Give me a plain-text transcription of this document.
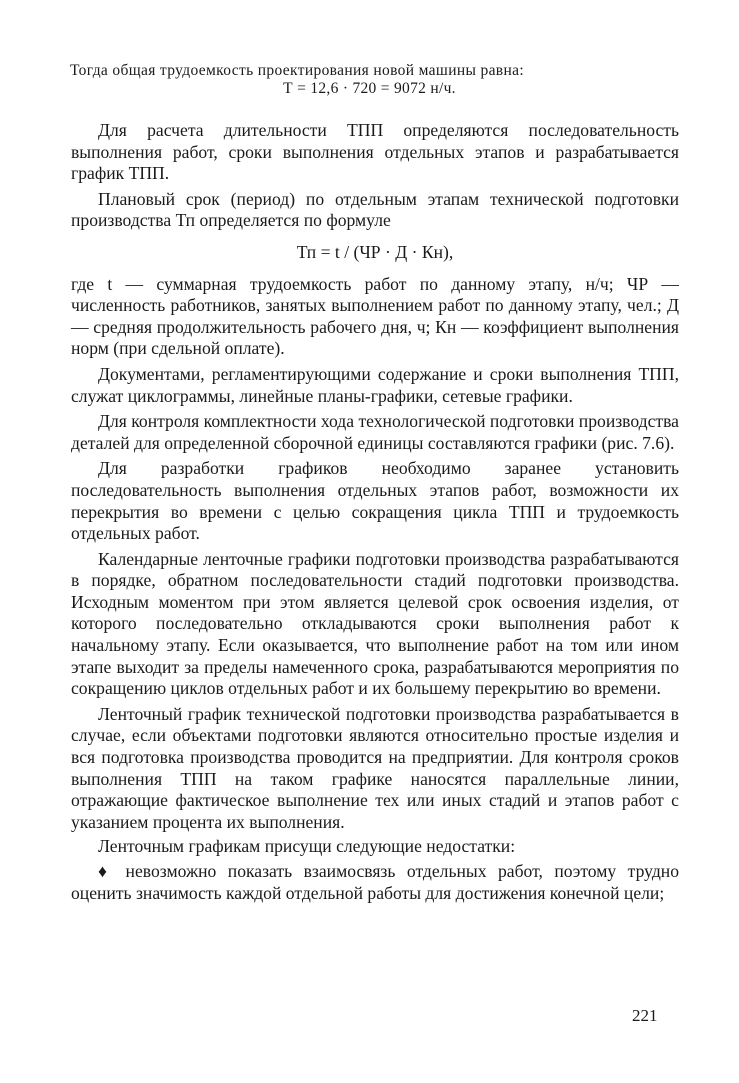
Тогда общая трудоемкость проектирования новой машины равна:
Т = 12,6 · 720 = 9072 н/ч.

Для расчета длительности ТПП определяются последовательность выполнения работ, сроки выполнения отдельных этапов и разрабатывается график ТПП.

Плановый срок (период) по отдельным этапам технической подготовки производства Тп определяется по формуле

Тп = t / (ЧР · Д · Кн),

где t — суммарная трудоемкость работ по данному этапу, н/ч; ЧР — численность работников, занятых выполнением работ по данному этапу, чел.; Д — средняя продолжительность рабочего дня, ч; Кн — коэффициент выполнения норм (при сдельной оплате).

Документами, регламентирующими содержание и сроки выполнения ТПП, служат циклограммы, линейные планы-графики, сетевые графики.

Для контроля комплектности хода технологической подготовки производства деталей для определенной сборочной единицы составляются графики (рис. 7.6).

Для разработки графиков необходимо заранее установить последовательность выполнения отдельных этапов работ, возможности их перекрытия во времени с целью сокращения цикла ТПП и трудоемкость отдельных работ.

Календарные ленточные графики подготовки производства разрабатываются в порядке, обратном последовательности стадий подготовки производства. Исходным моментом при этом является целевой срок освоения изделия, от которого последовательно откладываются сроки выполнения работ к начальному этапу. Если оказывается, что выполнение работ на том или ином этапе выходит за пределы намеченного срока, разрабатываются мероприятия по сокращению циклов отдельных работ и их большему перекрытию во времени.

Ленточный график технической подготовки производства разрабатывается в случае, если объектами подготовки являются относительно простые изделия и вся подготовка производства проводится на предприятии. Для контроля сроков выполнения ТПП на таком графике наносятся параллельные линии, отражающие фактическое выполнение тех или иных стадий и этапов работ с указанием процента их выполнения.

Ленточным графикам присущи следующие недостатки:

♦ невозможно показать взаимосвязь отдельных работ, поэтому трудно оценить значимость каждой отдельной работы для достижения конечной цели;

221
